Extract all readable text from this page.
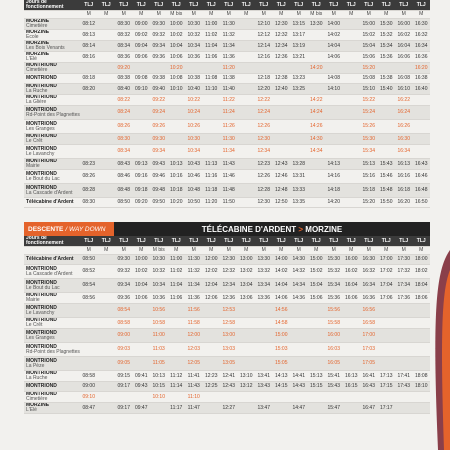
Jours de fonctionnement	TLJ	TLJ	TLJ	TLJ	TLJ	TLJ	TLJ	TLJ	TLJ	TLJ	TLJ	TLJ	TLJ	TLJ	TLJ	TLJ	TLJ	TLJ	TLJ	TLJ
	M	M	M	M	M	M bis	M	M	M	M	M	M	M	M bis	M	M	M	M	M	M
MORZINE
Cimetière	08:12		08:30	09:00	09:30	10:00	10:30	11:00	11:30		12:10	12:30	13:15	13:30	14:00		15:00	15:30	16:00	16:30
MORZINE
Ecole	08:13		08:32	09:02	09:32	10:02	10:32	11:02	11:32		12:12	12:32	13:17		14:02		15:02	15:32	16:02	16:32
MORZINE
Les Bois Venants	08:14		08:34	09:04	09:34	10:04	10:34	11:04	11:34		12:14	12:34	13:19		14:04		15:04	15:34	16:04	16:34
MORZINE
L'Elé	08:16		08:36	09:06	09:36	10:06	10:36	11:06	11:36		12:16	12:36	13:21		14:06		15:06	15:36	16:06	16:36
MONTRIOND
Cimetière			09:20			10:20			11:20					14:20			15:20			16:20
MONTRIOND	08:18		08:38	09:08	09:38	10:08	10:38	11:08	11:38		12:18	12:38	13:23		14:08		15:08	15:38	16:08	16:38
MONTRIOND
La Ruche	08:20		08:40	09:10	09:40	10:10	10:40	11:10	11:40		12:20	12:40	13:25		14:10		15:10	15:40	16:10	16:40
MONTRIOND
La Glière			08:22		09:22		10:22		11:22		12:22			14:22			15:22		16:22	
MONTRIOND
Rd-Point des Plagnettes			08:24		09:24		10:24		11:24		12:24			14:24			15:24		16:24	
MONTRIOND
Les Granges			08:26		09:26		10:26		11:26		12:26			14:26			15:26		16:26	
MONTRIOND
Le Crêt			08:30		09:30		10:30		11:30		12:30			14:30			15:30		16:30	
MONTRIOND
Le Lavanchy			08:34		09:34		10:34		11:34		12:34			14:34			15:34		16:34	
MONTRIOND
Mairie	08:23		08:43	09:13	09:43	10:13	10:43	11:13	11:43		12:23	12:43	13:28		14:13		15:13	15:43	16:13	16:43
MONTRIOND
Le Bout du Lac	08:26		08:46	09:16	09:46	10:16	10:46	11:16	11:46		12:26	12:46	13:31		14:16		15:16	15:46	16:16	16:46
MONTRIOND
La Cascade d'Ardent	08:28		08:48	09:18	09:48	10:18	10:48	11:18	11:48		12:28	12:48	13:33		14:18		15:18	15:48	16:18	16:48
Télécabine d'Ardent	08:30		08:50	09:20	09:50	10:20	10:50	11:20	11:50		12:30	12:50	13:35		14:20		15:20	15:50	16:20	16:50
DESCENTE / WAY DOWN	TÉLÉCABINE D'ARDENT
>
MORZINE
Jours de fonctionnement	TLJ	TLJ	TLJ	TLJ	TLJ	TLJ	TLJ	TLJ	TLJ	TLJ	TLJ	TLJ	TLJ	TLJ	TLJ	TLJ	TLJ	TLJ	TLJ	TLJ
	M	M	M	M	M bis	M	M	M	M	M	M	M	M	M	M	M	M	M	M	M
Télécabine d'Ardent	08:50		09:30	10:00	10:30	11:00	11:30	12:00	12:30	13:00	13:30	14:00	14:30	15:00	15:30	16:00	16:30	17:00	17:30	18:00
MONTRIOND
La Cascade d'Ardent	08:52		09:32	10:02	10:32	11:02	11:32	12:02	12:32	13:02	13:32	14:02	14:32	15:02	15:32	16:02	16:32	17:02	17:32	18:02
MONTRIOND
Le Bout du Lac	08:54		09:34	10:04	10:34	11:04	11:34	12:04	12:34	13:04	13:34	14:04	14:34	15:04	15:34	16:04	16:34	17:04	17:34	18:04
MONTRIOND
Mairie	08:56		09:36	10:06	10:36	11:06	11:36	12:06	12:36	13:06	13:36	14:06	14:36	15:06	15:36	16:06	16:36	17:06	17:36	18:06
MONTRIOND
Le Lavanchy			08:54		10:56		11:56		12:53			14:56			15:56		16:56			
MONTRIOND
Le Crêt			08:58		10:58		11:58		12:58			14:58			15:58		16:58			
MONTRIOND
Les Granges			09:00		11:00		12:00		13:00			15:00			16:00		17:00			
MONTRIOND
Rd-Point des Plagnettes			09:03		11:03		12:03		13:03			15:03			16:03		17:03			
MONTRIOND
La Pèze			09:05		11:05		12:05		13:05			15:05			16:05		17:05			
MONTRIOND
La Ruche	08:58		09:15	09:41	10:13	11:12	11:41	12:23	12:41	13:10	13:41	14:13	14:41	15:13	15:41	16:13	16:41	17:13	17:41	18:08
MONTRIOND	09:00		09:17	09:43	10:15	11:14	11:43	12:25	12:43	13:12	13:43	14:15	14:43	15:15	15:43	16:15	16:43	17:15	17:43	18:10
MONTRIOND
Cimetière	09:10				10:10		11:10													
MORZINE
L'Elé	08:47		09:17	09:47		11:17	11:47		12:27		13:47		14:47		15:47		16:47	17:17		
